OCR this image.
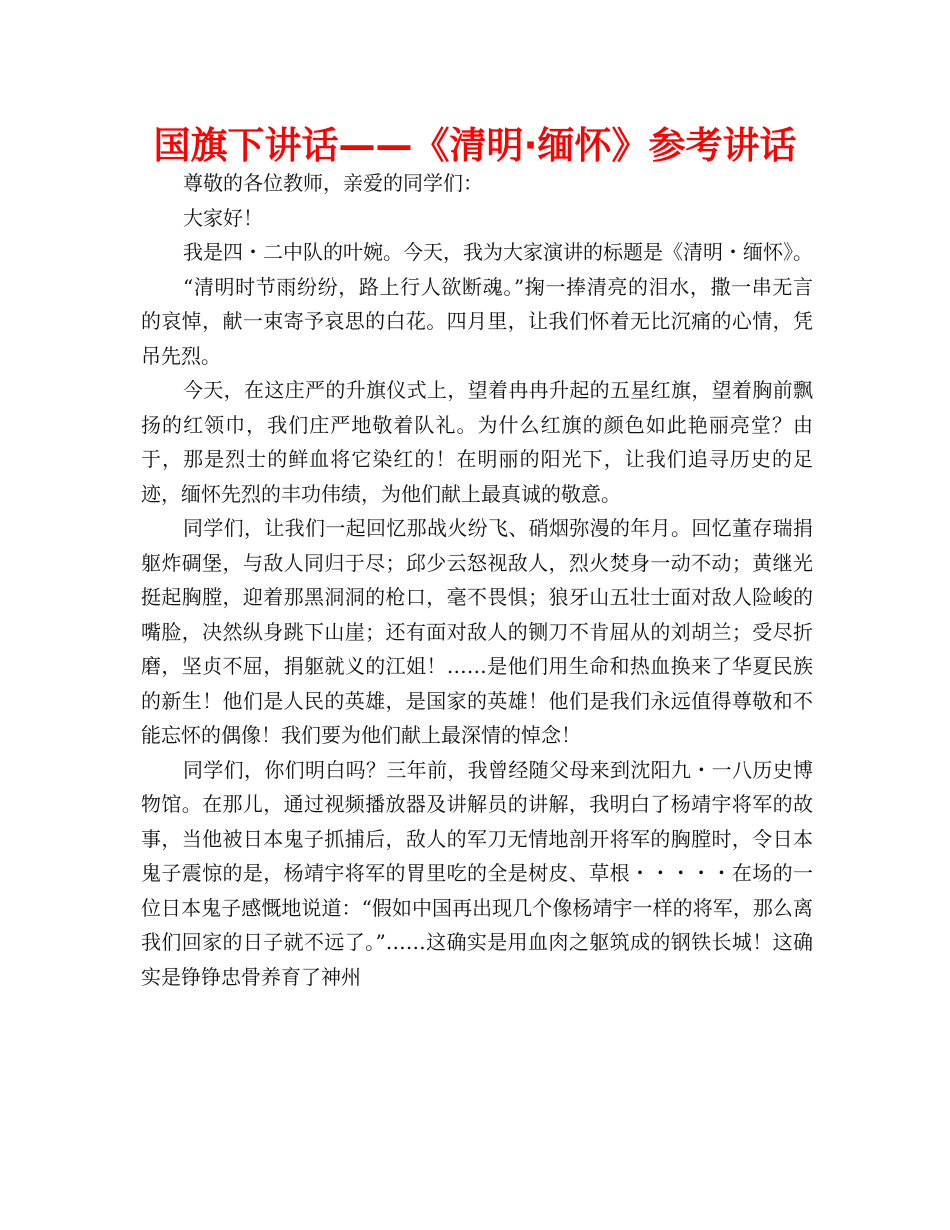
国旗下讲话——《清明·缅怀》参考讲话

尊敬的各位教师，亲爱的同学们：

大家好！

我是四・二中队的叶婉。今天，我为大家演讲的标题是《清明・缅怀》。

“清明时节雨纷纷，路上行人欲断魂。”掬一捧清亮的泪水，撒一串无言的哀悼，献一束寄予哀思的白花。四月里，让我们怀着无比沉痛的心情，凭吊先烈。

今天，在这庄严的升旗仪式上，望着冉冉升起的五星红旗，望着胸前飘扬的红领巾，我们庄严地敬着队礼。为什么红旗的颜色如此艳丽亮堂？由于，那是烈士的鲜血将它染红的！在明丽的阳光下，让我们追寻历史的足迹，缅怀先烈的丰功伟绩，为他们献上最真诚的敬意。

同学们，让我们一起回忆那战火纷飞、硝烟弥漫的年月。回忆董存瑞捐躯炸碉堡，与敌人同归于尽；邱少云怒视敌人，烈火焚身一动不动；黄继光挺起胸膛，迎着那黑洞洞的枪口，毫不畏惧；狼牙山五壮士面对敌人险峻的嘴脸，决然纵身跳下山崖；还有面对敌人的铡刀不肯屈从的刘胡兰；受尽折磨，坚贞不屈，捐躯就义的江姐！……是他们用生命和热血换来了华夏民族的新生！他们是人民的英雄，是国家的英雄！他们是我们永远值得尊敬和不能忘怀的偶像！我们要为他们献上最深情的悼念！

同学们，你们明白吗？三年前，我曾经随父母来到沈阳九・一八历史博物馆。在那儿，通过视频播放器及讲解员的讲解，我明白了杨靖宇将军的故事，当他被日本鬼子抓捕后，敌人的军刀无情地剖开将军的胸膛时，令日本鬼子震惊的是，杨靖宇将军的胃里吃的全是树皮、草根・・・・・在场的一位日本鬼子感慨地说道：“假如中国再出现几个像杨靖宇一样的将军，那么离我们回家的日子就不远了。”……这确实是用血肉之躯筑成的钢铁长城！这确实是铮铮忠骨养育了神州
